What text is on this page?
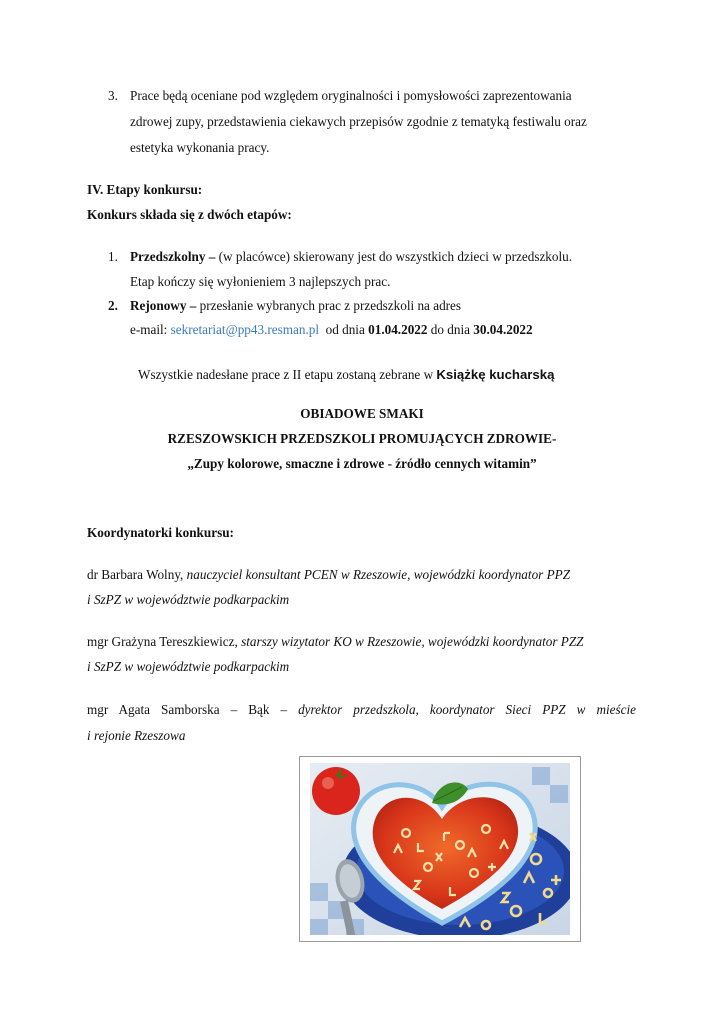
3. Prace będą oceniane pod względem oryginalności i pomysłowości zaprezentowania
zdrowej zupy, przedstawienia ciekawych przepisów zgodnie z tematyką festiwalu oraz
estetyka wykonania pracy.
IV. Etapy konkursu:
Konkurs składa się z dwóch etapów:
1. Przedszkolny – (w placówce) skierowany jest do wszystkich dzieci w przedszkolu.
Etap kończy się wyłonieniem 3 najlepszych prac.
2. Rejonowy – przesłanie wybranych prac z przedszkoli na adres
e-mail: sekretariat@pp43.resman.pl  od dnia 01.04.2022 do dnia 30.04.2022
Wszystkie nadesłane prace z II etapu zostaną zebrane w Książkę kucharską
OBIADOWE SMAKI
RZESZOWSKICH PRZEDSZKOLI PROMUJĄCYCH ZDROWIE-
„Zupy kolorowe, smaczne i zdrowe - źródło cennych witamin”
Koordynatorki konkursu:
dr Barbara Wolny, nauczyciel konsultant PCEN w Rzeszowie, wojewódzki koordynator PPZ
i SzPZ w województwie podkarpackim
mgr Grażyna Tereszkiewicz, starszy wizytator KO w Rzeszowie, wojewódzki koordynator PZZ
i SzPZ w województwie podkarpackim
mgr Agata Samborska – Bąk – dyrektor przedszkola, koordynator Sieci PPZ w mieście
i rejonie Rzeszowa
